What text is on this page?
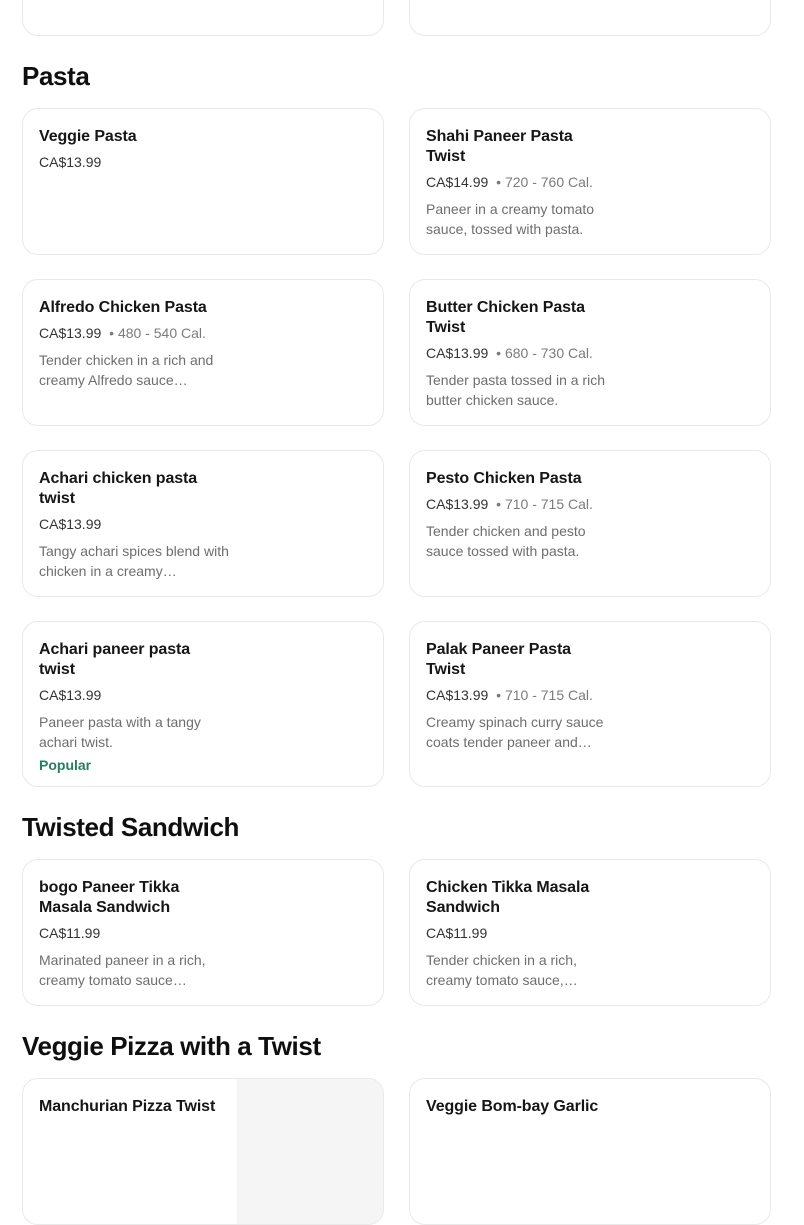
Pasta
Veggie Pasta
CA$13.99

Shahi Paneer Pasta Twist
CA$14.99 • 720 - 760 Cal.

Paneer in a creamy tomato sauce, tossed with pasta.

Alfredo Chicken Pasta
CA$13.99 • 480 - 540 Cal.

Tender chicken in a rich and creamy Alfredo sauce…

Butter Chicken Pasta Twist
CA$13.99 • 680 - 730 Cal.

Tender pasta tossed in a rich butter chicken sauce.

Achari chicken pasta twist
CA$13.99

Tangy achari spices blend with chicken in a creamy…

Pesto Chicken Pasta
CA$13.99 • 710 - 715 Cal.

Tender chicken and pesto sauce tossed with pasta.

Achari paneer pasta twist
CA$13.99

Paneer pasta with a tangy achari twist.

Popular
Palak Paneer Pasta Twist
CA$13.99 • 710 - 715 Cal.

Creamy spinach curry sauce coats tender paneer and…

Twisted Sandwich
bogo Paneer Tikka Masala Sandwich
CA$11.99

Marinated paneer in a rich, creamy tomato sauce…

Chicken Tikka Masala Sandwich
CA$11.99

Tender chicken in a rich, creamy tomato sauce,…

Veggie Pizza with a Twist
Manchurian Pizza Twist	Veggie Bom-bay Garlic
